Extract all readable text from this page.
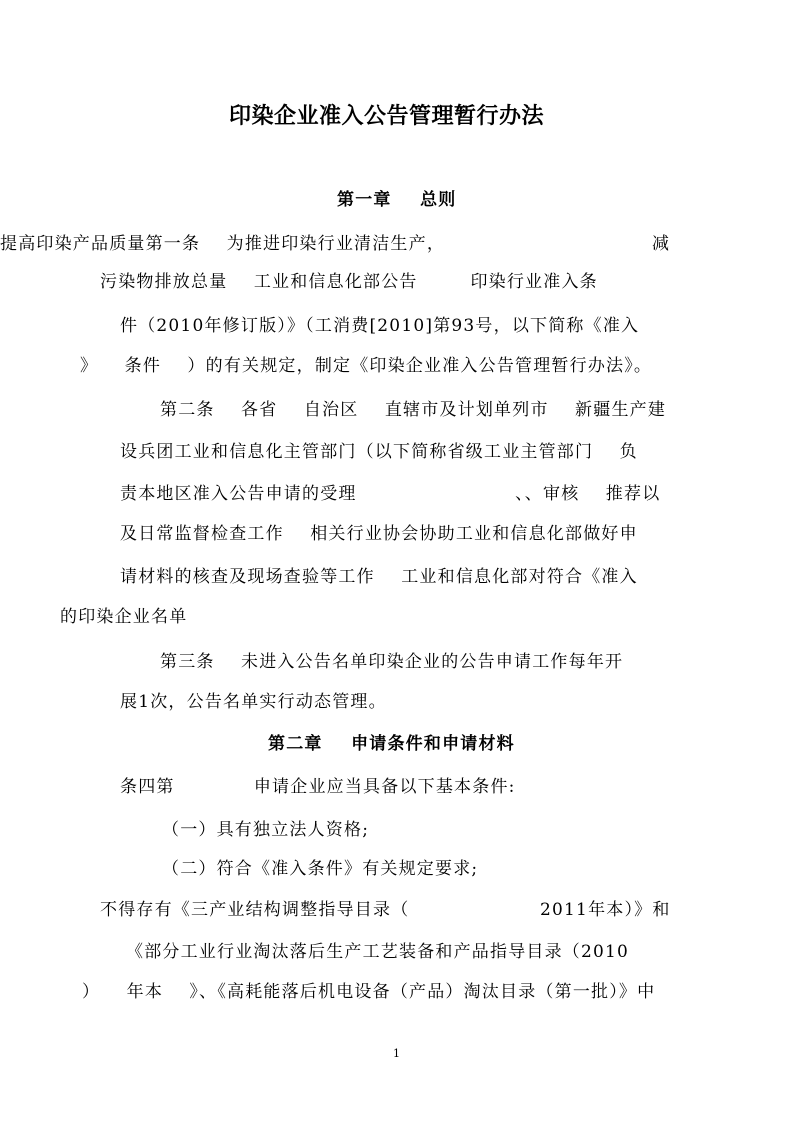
印染企业准入公告管理暂行办法
第一章    总则
提高印染产品质量第一条    为推进印染行业清洁生产，	减
污染物排放总量    工业和信息化部公告        印染行业准入条
件（2010年修订版）》（工消费[2010]第93号，以下简称《准入
》    条件    ）的有关规定，制定《印染企业准入公告管理暂行办法》。
第二条    各省    自治区    直辖市及计划单列市    新疆生产建
设兵团工业和信息化主管部门（以下简称省级工业主管部门    负
责本地区准入公告申请的受理                        、、审核    推荐以
及日常监督检查工作    相关行业协会协助工业和信息化部做好申
请材料的核查及现场查验等工作    工业和信息化部对符合《准入
的印染企业名单
第三条    未进入公告名单印染企业的公告申请工作每年开
展1次，公告名单实行动态管理。
第二章    申请条件和申请材料
条四第            申请企业应当具备以下基本条件:
（一）具有独立法人资格;
（二）符合《准入条件》有关规定要求;
不得存有《三产业结构调整指导目录（	2011年本）》和
《部分工业行业淘汰落后生产工艺装备和产品指导目录（2010
）    年本    》、《高耗能落后机电设备（产品）淘汰目录（第一批）》中
1
